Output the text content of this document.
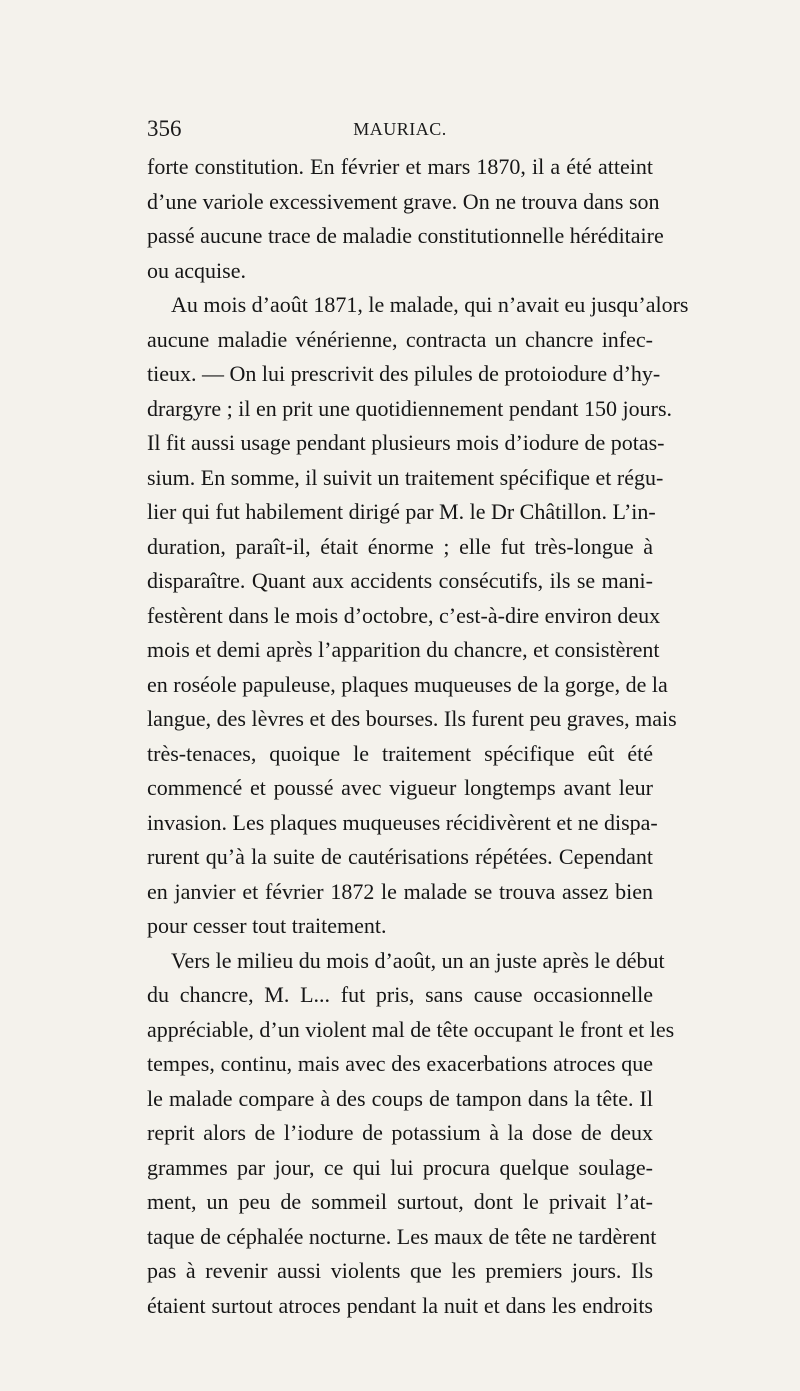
356	MAURIAC.
forte constitution. En février et mars 1870, il a été atteint
d’une variole excessivement grave. On ne trouva dans son
passé aucune trace de maladie constitutionnelle héréditaire
ou acquise.
Au mois d’août 1871, le malade, qui n’avait eu jusqu’alors
aucune maladie vénérienne, contracta un chancre infec-
tieux. — On lui prescrivit des pilules de protoiodure d’hy-
drargyre ; il en prit une quotidiennement pendant 150 jours.
Il fit aussi usage pendant plusieurs mois d’iodure de potas-
sium. En somme, il suivit un traitement spécifique et régu-
lier qui fut habilement dirigé par M. le Dr Châtillon. L’in-
duration, paraît-il, était énorme ; elle fut très-longue à
disparaître. Quant aux accidents consécutifs, ils se mani-
festèrent dans le mois d’octobre, c’est-à-dire environ deux
mois et demi après l’apparition du chancre, et consistèrent
en roséole papuleuse, plaques muqueuses de la gorge, de la
langue, des lèvres et des bourses. Ils furent peu graves, mais
très-tenaces, quoique le traitement spécifique eût été
commencé et poussé avec vigueur longtemps avant leur
invasion. Les plaques muqueuses récidivèrent et ne dispa-
rurent qu’à la suite de cautérisations répétées. Cependant
en janvier et février 1872 le malade se trouva assez bien
pour cesser tout traitement.
Vers le milieu du mois d’août, un an juste après le début
du chancre, M. L... fut pris, sans cause occasionnelle
appréciable, d’un violent mal de tête occupant le front et les
tempes, continu, mais avec des exacerbations atroces que
le malade compare à des coups de tampon dans la tête. Il
reprit alors de l’iodure de potassium à la dose de deux
grammes par jour, ce qui lui procura quelque soulage-
ment, un peu de sommeil surtout, dont le privait l’at-
taque de céphalée nocturne. Les maux de tête ne tardèrent
pas à revenir aussi violents que les premiers jours. Ils
étaient surtout atroces pendant la nuit et dans les endroits
